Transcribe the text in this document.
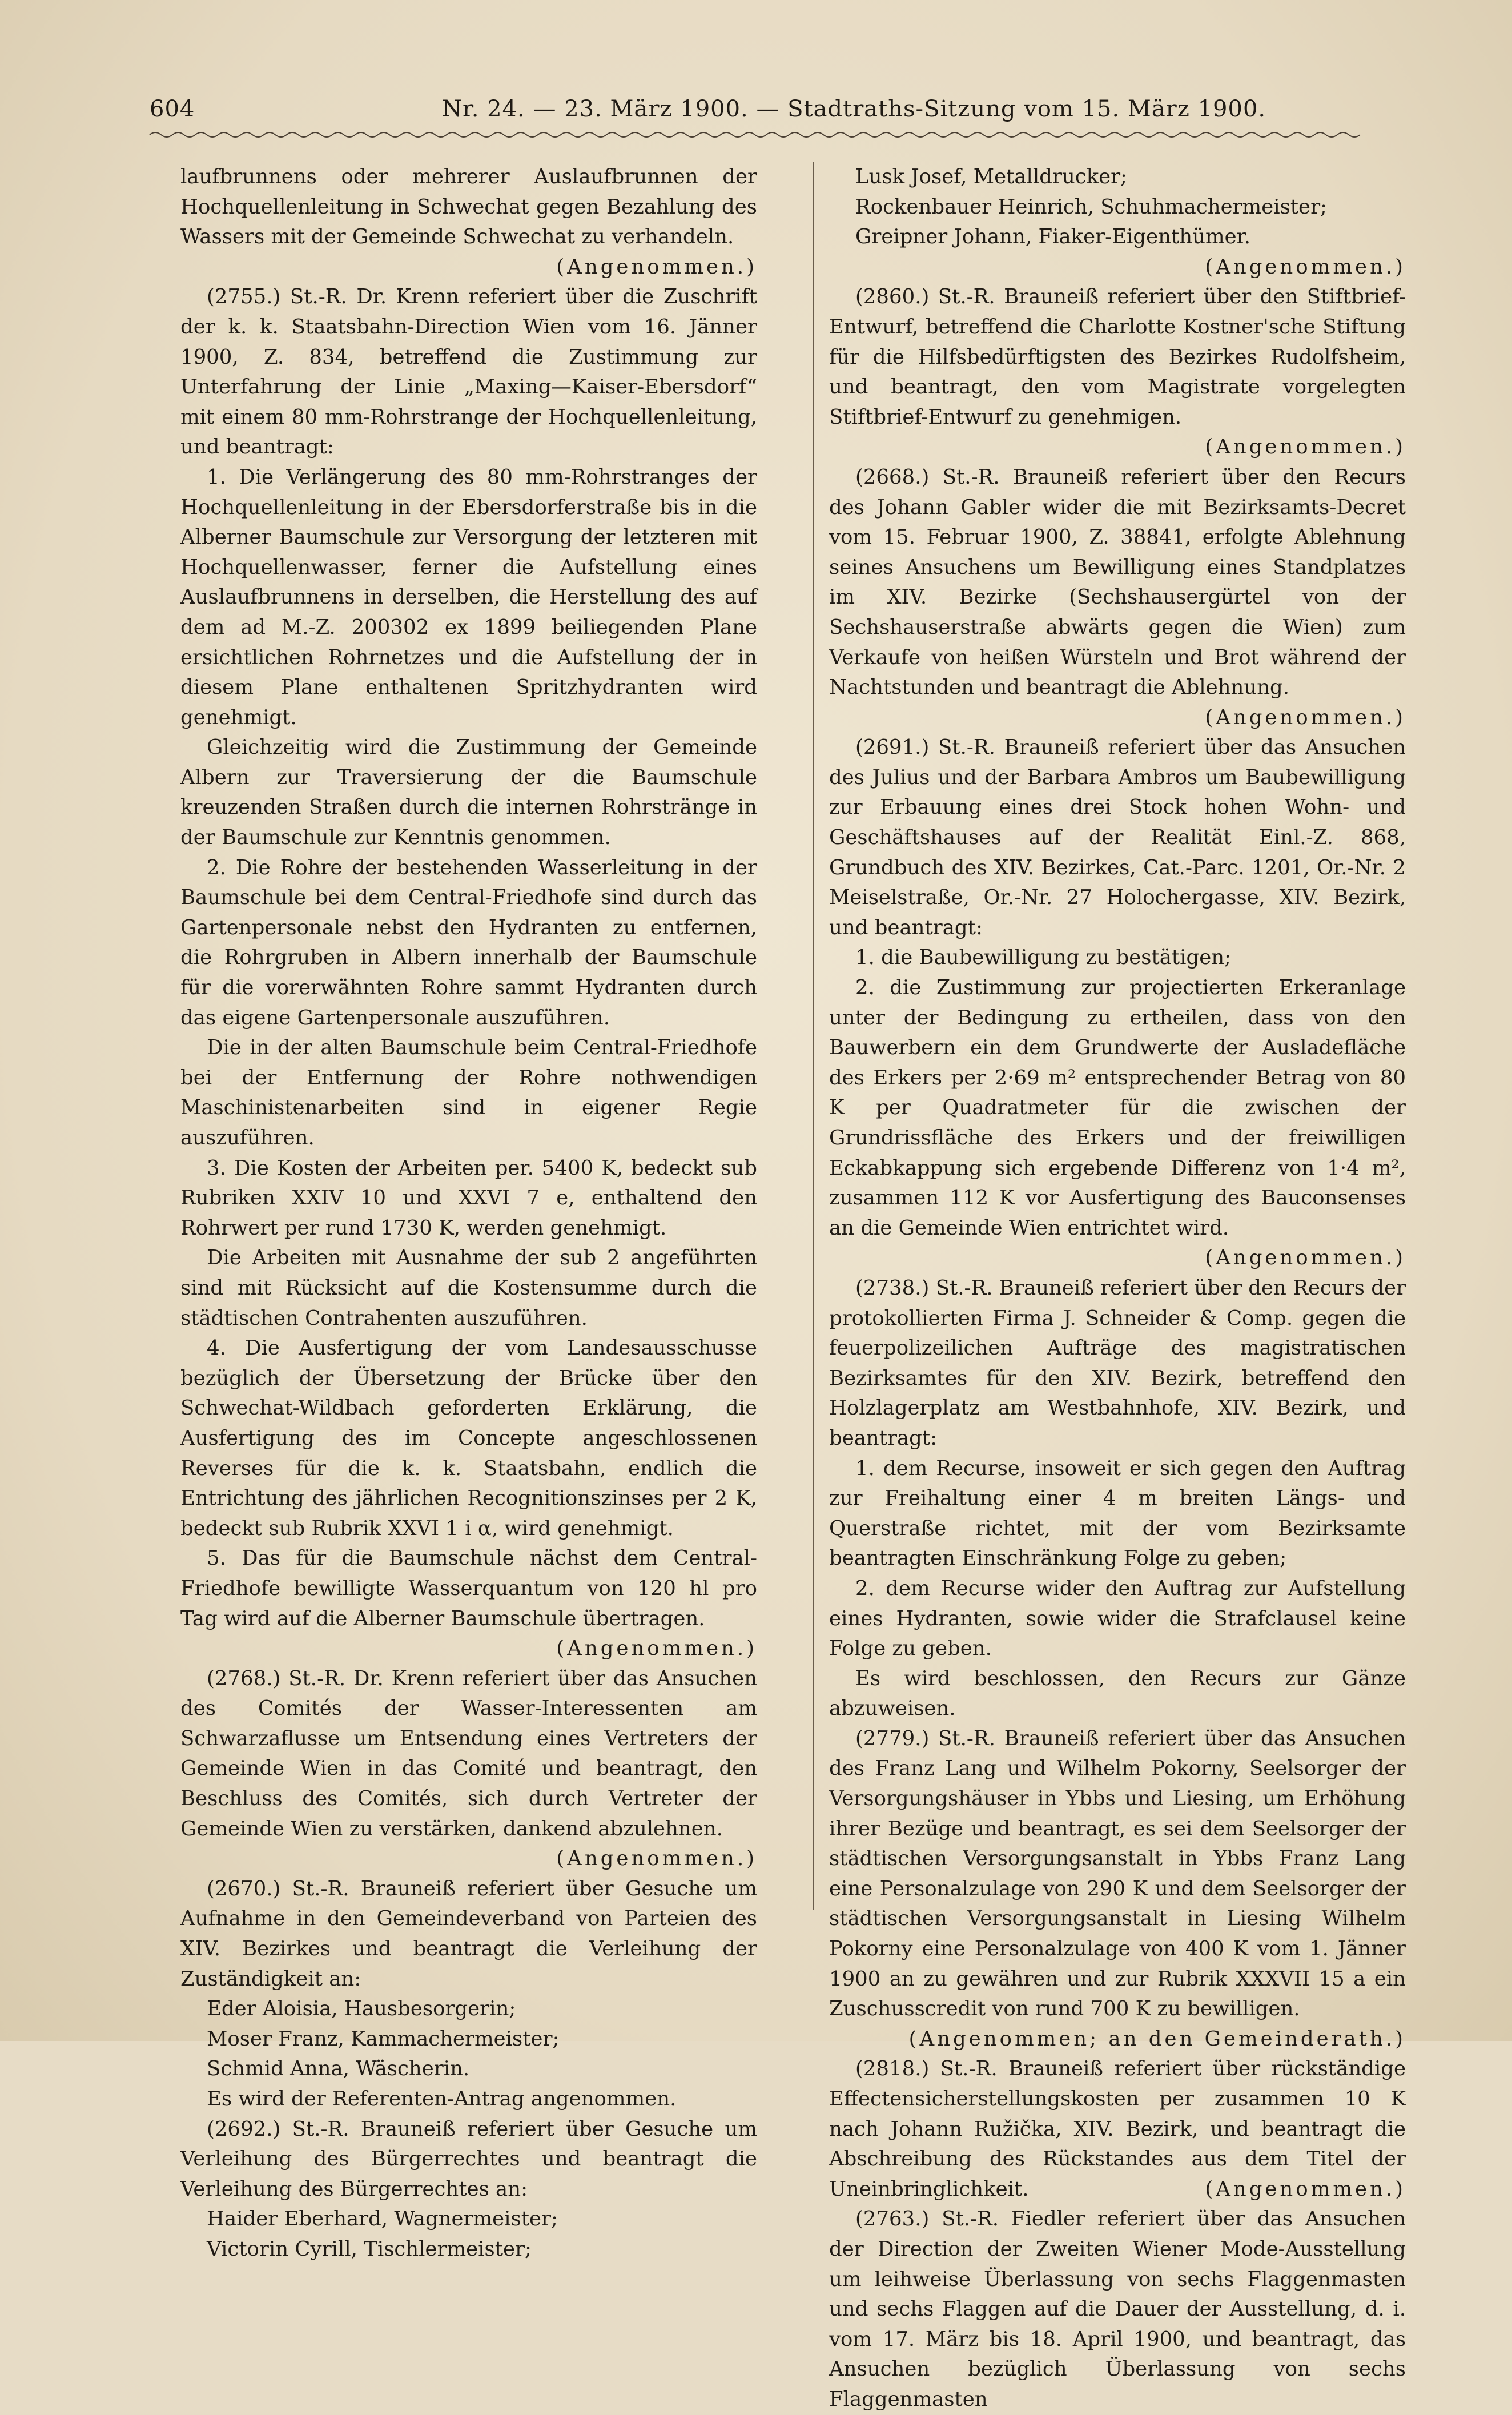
604	Nr. 24. — 23. März 1900. — Stadtraths-Sitzung vom 15. März 1900.

laufbrunnens oder mehrerer Auslaufbrunnen der Hochquellenleitung in Schwechat gegen Bezahlung des Wassers mit der Gemeinde Schwechat zu verhandeln.
(Angenommen.)

(2755.) St.-R. Dr. Krenn referiert über die Zuschrift der k. k. Staatsbahn-Direction Wien vom 16. Jänner 1900, Z. 834, betreffend die Zustimmung zur Unterfahrung der Linie „Maxing—Kaiser-Ebersdorf“ mit einem 80 mm-Rohrstrange der Hochquellenleitung, und beantragt:

1. Die Verlängerung des 80 mm-Rohrstranges der Hochquellenleitung in der Ebersdorferstraße bis in die Alberner Baumschule zur Versorgung der letzteren mit Hochquellenwasser, ferner die Aufstellung eines Auslaufbrunnens in derselben, die Herstellung des auf dem ad M.-Z. 200302 ex 1899 beiliegenden Plane ersichtlichen Rohrnetzes und die Aufstellung der in diesem Plane enthaltenen Spritzhydranten wird genehmigt.

Gleichzeitig wird die Zustimmung der Gemeinde Albern zur Traversierung der die Baumschule kreuzenden Straßen durch die internen Rohrstränge in der Baumschule zur Kenntnis genommen.

2. Die Rohre der bestehenden Wasserleitung in der Baumschule bei dem Central-Friedhofe sind durch das Gartenpersonale nebst den Hydranten zu entfernen, die Rohrgruben in Albern innerhalb der Baumschule für die vorerwähnten Rohre sammt Hydranten durch das eigene Gartenpersonale auszuführen.

Die in der alten Baumschule beim Central-Friedhofe bei der Entfernung der Rohre nothwendigen Maschinistenarbeiten sind in eigener Regie auszuführen.

3. Die Kosten der Arbeiten per. 5400 K, bedeckt sub Rubriken XXIV 10 und XXVI 7 e, enthaltend den Rohrwert per rund 1730 K, werden genehmigt.

Die Arbeiten mit Ausnahme der sub 2 angeführten sind mit Rücksicht auf die Kostensumme durch die städtischen Contrahenten auszuführen.

4. Die Ausfertigung der vom Landesausschusse bezüglich der Übersetzung der Brücke über den Schwechat-Wildbach geforderten Erklärung, die Ausfertigung des im Concepte angeschlossenen Reverses für die k. k. Staatsbahn, endlich die Entrichtung des jährlichen Recognitionszinses per 2 K, bedeckt sub Rubrik XXVI 1 i α, wird genehmigt.

5. Das für die Baumschule nächst dem Central-Friedhofe bewilligte Wasserquantum von 120 hl pro Tag wird auf die Alberner Baumschule übertragen.
(Angenommen.)

(2768.) St.-R. Dr. Krenn referiert über das Ansuchen des Comités der Wasser-Interessenten am Schwarzaflusse um Entsendung eines Vertreters der Gemeinde Wien in das Comité und beantragt, den Beschluss des Comités, sich durch Vertreter der Gemeinde Wien zu verstärken, dankend abzulehnen.
(Angenommen.)

(2670.) St.-R. Brauneiß referiert über Gesuche um Aufnahme in den Gemeindeverband von Parteien des XIV. Bezirkes und beantragt die Verleihung der Zuständigkeit an:

Eder Aloisia, Hausbesorgerin;

Moser Franz, Kammachermeister;

Schmid Anna, Wäscherin.

Es wird der Referenten-Antrag angenommen.

(2692.) St.-R. Brauneiß referiert über Gesuche um Verleihung des Bürgerrechtes und beantragt die Verleihung des Bürgerrechtes an:

Haider Eberhard, Wagnermeister;

Victorin Cyrill, Tischlermeister;

Lusk Josef, Metalldrucker;

Rockenbauer Heinrich, Schuhmachermeister;

Greipner Johann, Fiaker-Eigenthümer.
(Angenommen.)

(2860.) St.-R. Brauneiß referiert über den Stiftbrief-Entwurf, betreffend die Charlotte Kostner'sche Stiftung für die Hilfsbedürftigsten des Bezirkes Rudolfsheim, und beantragt, den vom Magistrate vorgelegten Stiftbrief-Entwurf zu genehmigen.
(Angenommen.)

(2668.) St.-R. Brauneiß referiert über den Recurs des Johann Gabler wider die mit Bezirksamts-Decret vom 15. Februar 1900, Z. 38841, erfolgte Ablehnung seines Ansuchens um Bewilligung eines Standplatzes im XIV. Bezirke (Sechshausergürtel von der Sechshauserstraße abwärts gegen die Wien) zum Verkaufe von heißen Würsteln und Brot während der Nachtstunden und beantragt die Ablehnung.
(Angenommen.)

(2691.) St.-R. Brauneiß referiert über das Ansuchen des Julius und der Barbara Ambros um Baubewilligung zur Erbauung eines drei Stock hohen Wohn- und Geschäftshauses auf der Realität Einl.-Z. 868, Grundbuch des XIV. Bezirkes, Cat.-Parc. 1201, Or.-Nr. 2 Meiselstraße, Or.-Nr. 27 Holochergasse, XIV. Bezirk, und beantragt:

1. die Baubewilligung zu bestätigen;

2. die Zustimmung zur projectierten Erkeranlage unter der Bedingung zu ertheilen, dass von den Bauwerbern ein dem Grundwerte der Ausladefläche des Erkers per 2·69 m² entsprechender Betrag von 80 K per Quadratmeter für die zwischen der Grundrissfläche des Erkers und der freiwilligen Eckabkappung sich ergebende Differenz von 1·4 m², zusammen 112 K vor Ausfertigung des Bauconsenses an die Gemeinde Wien entrichtet wird.
(Angenommen.)

(2738.) St.-R. Brauneiß referiert über den Recurs der protokollierten Firma J. Schneider & Comp. gegen die feuerpolizeilichen Aufträge des magistratischen Bezirksamtes für den XIV. Bezirk, betreffend den Holzlagerplatz am Westbahnhofe, XIV. Bezirk, und beantragt:

1. dem Recurse, insoweit er sich gegen den Auftrag zur Freihaltung einer 4 m breiten Längs- und Querstraße richtet, mit der vom Bezirksamte beantragten Einschränkung Folge zu geben;

2. dem Recurse wider den Auftrag zur Aufstellung eines Hydranten, sowie wider die Strafclausel keine Folge zu geben.

Es wird beschlossen, den Recurs zur Gänze abzuweisen.

(2779.) St.-R. Brauneiß referiert über das Ansuchen des Franz Lang und Wilhelm Pokorny, Seelsorger der Versorgungshäuser in Ybbs und Liesing, um Erhöhung ihrer Bezüge und beantragt, es sei dem Seelsorger der städtischen Versorgungsanstalt in Ybbs Franz Lang eine Personalzulage von 290 K und dem Seelsorger der städtischen Versorgungsanstalt in Liesing Wilhelm Pokorny eine Personalzulage von 400 K vom 1. Jänner 1900 an zu gewähren und zur Rubrik XXXVII 15 a ein Zuschusscredit von rund 700 K zu bewilligen.
(Angenommen; an den Gemeinderath.)

(2818.) St.-R. Brauneiß referiert über rückständige Effectensicherstellungskosten per zusammen 10 K nach Johann Ružička, XIV. Bezirk, und beantragt die Abschreibung des Rückstandes aus dem Titel der Uneinbringlichkeit.	(Angenommen.)

(2763.) St.-R. Fiedler referiert über das Ansuchen der Direction der Zweiten Wiener Mode-Ausstellung um leihweise Überlassung von sechs Flaggenmasten und sechs Flaggen auf die Dauer der Ausstellung, d. i. vom 17. März bis 18. April 1900, und beantragt, das Ansuchen bezüglich Überlassung von sechs Flaggenmasten
